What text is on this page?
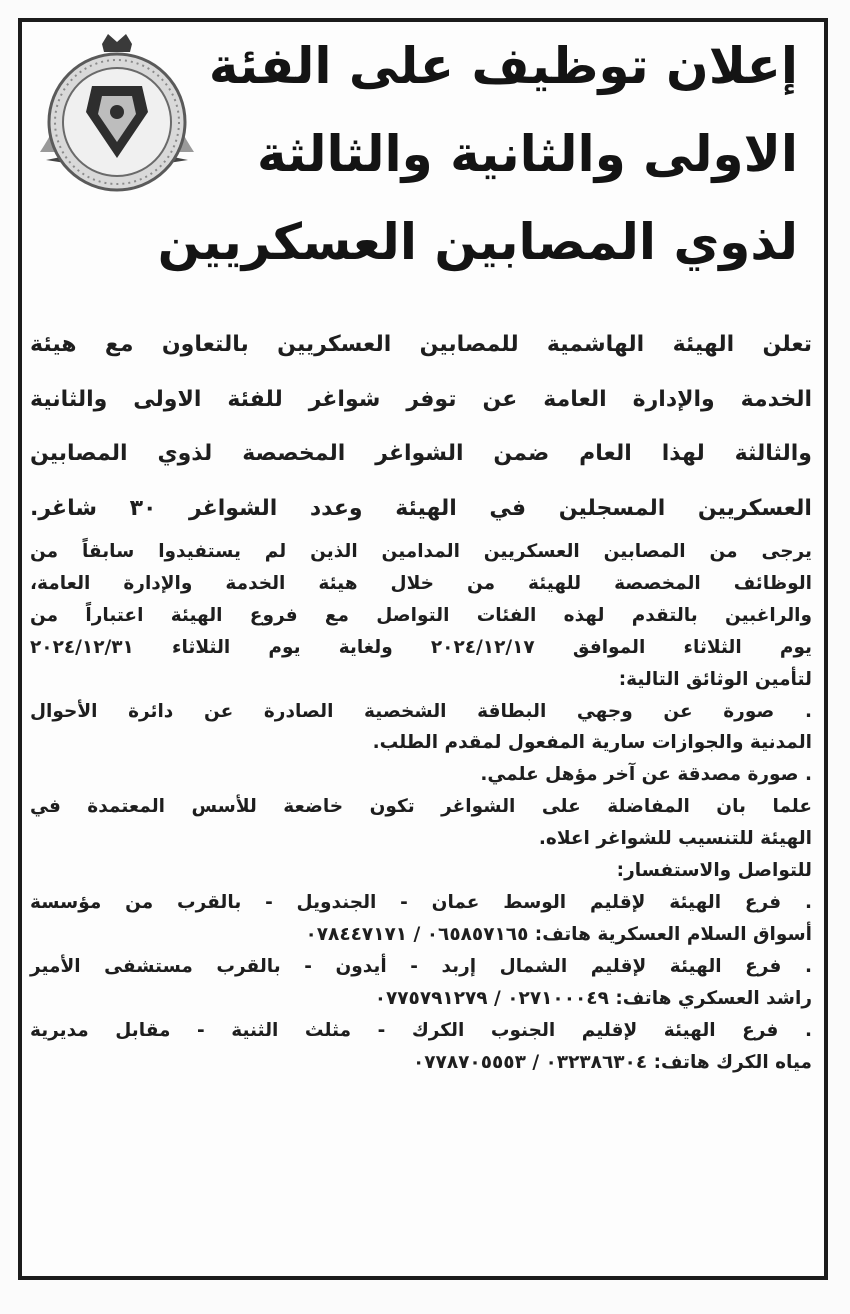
إعلان توظيف على الفئة
الاولى والثانية والثالثة
لذوي المصابين العسكريين

تعلن الهيئة الهاشمية للمصابين العسكريين بالتعاون مع هيئة

الخدمة والإدارة العامة عن توفر شواغر للفئة الاولى والثانية

والثالثة لهذا العام ضمن الشواغر المخصصة لذوي المصابين

العسكريين المسجلين في الهيئة وعدد الشواغر ٣٠ شاغر.

يرجى من المصابين العسكريين المدامين الذين لم يستفيدوا سابقاً من

الوظائف المخصصة للهيئة من خلال هيئة الخدمة والإدارة العامة،

والراغبين بالتقدم لهذه الفئات التواصل مع فروع الهيئة اعتباراً من

يوم الثلاثاء الموافق ٢٠٢٤/١٢/١٧ ولغاية يوم الثلاثاء ٢٠٢٤/١٢/٣١

لتأمين الوثائق التالية:

. صورة عن وجهي البطاقة الشخصية الصادرة عن دائرة الأحوال

المدنية والجوازات سارية المفعول لمقدم الطلب.

. صورة مصدقة عن آخر مؤهل علمي.

علما بان المفاضلة على الشواغر تكون خاضعة للأسس المعتمدة في

الهيئة للتنسيب للشواغر اعلاه.

للتواصل والاستفسار:

. فرع الهيئة لإقليم الوسط عمان - الجندويل - بالقرب من مؤسسة

أسواق السلام العسكرية هاتف: ٠٦٥٨٥٧١٦٥ / ٠٧٨٤٤٧١٧١

. فرع الهيئة لإقليم الشمال إربد - أيدون - بالقرب مستشفى الأمير

راشد العسكري هاتف: ٠٢٧١٠٠٠٤٩ / ٠٧٧٥٧٩١٢٧٩

. فرع الهيئة لإقليم الجنوب الكرك - مثلث الثنية - مقابل مديرية

مياه الكرك هاتف: ٠٣٢٣٨٦٣٠٤ / ٠٧٧٨٧٠٥٥٥٣
